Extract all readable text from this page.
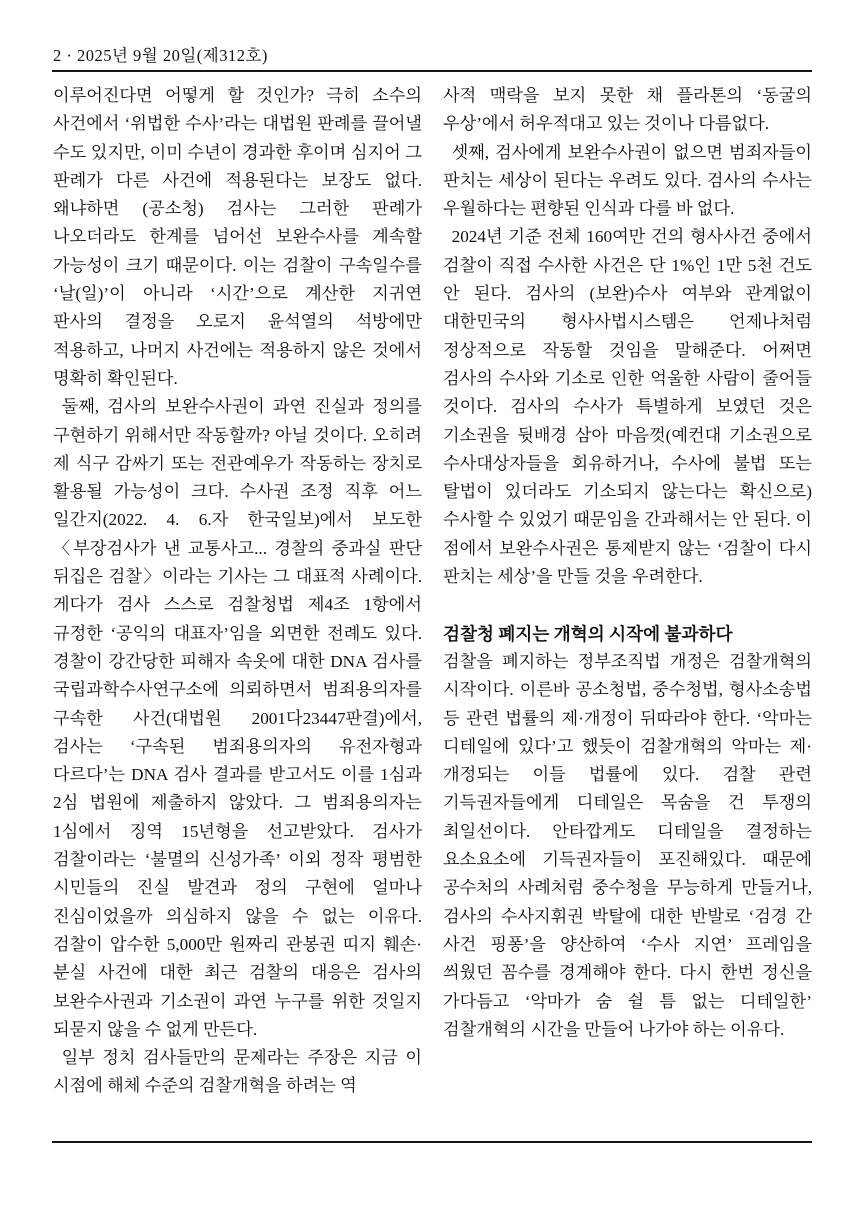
2 · 2025년 9월 20일(제312호)

이루어진다면 어떻게 할 것인가? 극히 소수의 사건에서 ‘위법한 수사’라는 대법원 판례를 끌어낼 수도 있지만, 이미 수년이 경과한 후이며 심지어 그 판례가 다른 사건에 적용된다는 보장도 없다. 왜냐하면 (공소청) 검사는 그러한 판례가 나오더라도 한계를 넘어선 보완수사를 계속할 가능성이 크기 때문이다. 이는 검찰이 구속일수를 ‘날(일)’이 아니라 ‘시간’으로 계산한 지귀연 판사의 결정을 오로지 윤석열의 석방에만 적용하고, 나머지 사건에는 적용하지 않은 것에서 명확히 확인된다.

둘째, 검사의 보완수사권이 과연 진실과 정의를 구현하기 위해서만 작동할까? 아닐 것이다. 오히려 제 식구 감싸기 또는 전관예우가 작동하는 장치로 활용될 가능성이 크다. 수사권 조정 직후 어느 일간지(2022. 4. 6.자 한국일보)에서 보도한 〈부장검사가 낸 교통사고... 경찰의 중과실 판단 뒤집은 검찰〉이라는 기사는 그 대표적 사례이다. 게다가 검사 스스로 검찰청법 제4조 1항에서 규정한 ‘공익의 대표자’임을 외면한 전례도 있다. 경찰이 강간당한 피해자 속옷에 대한 DNA 검사를 국립과학수사연구소에 의뢰하면서 범죄용의자를 구속한 사건(대법원 2001다23447판결)에서, 검사는 ‘구속된 범죄용의자의 유전자형과 다르다’는 DNA 검사 결과를 받고서도 이를 1심과 2심 법원에 제출하지 않았다. 그 범죄용의자는 1심에서 징역 15년형을 선고받았다. 검사가 검찰이라는 ‘불멸의 신성가족’ 이외 정작 평범한 시민들의 진실 발견과 정의 구현에 얼마나 진심이었을까 의심하지 않을 수 없는 이유다. 검찰이 압수한 5,000만 원짜리 관봉권 띠지 훼손·분실 사건에 대한 최근 검찰의 대응은 검사의 보완수사권과 기소권이 과연 누구를 위한 것일지 되묻지 않을 수 없게 만든다.

일부 정치 검사들만의 문제라는 주장은 지금 이 시점에 해체 수준의 검찰개혁을 하려는 역

사적 맥락을 보지 못한 채 플라톤의 ‘동굴의 우상’에서 허우적대고 있는 것이나 다름없다.

셋째, 검사에게 보완수사권이 없으면 범죄자들이 판치는 세상이 된다는 우려도 있다. 검사의 수사는 우월하다는 편향된 인식과 다를 바 없다.

2024년 기준 전체 160여만 건의 형사사건 중에서 검찰이 직접 수사한 사건은 단 1%인 1만 5천 건도 안 된다. 검사의 (보완)수사 여부와 관계없이 대한민국의 형사사법시스템은 언제나처럼 정상적으로 작동할 것임을 말해준다. 어쩌면 검사의 수사와 기소로 인한 억울한 사람이 줄어들 것이다. 검사의 수사가 특별하게 보였던 것은 기소권을 뒷배경 삼아 마음껏(예컨대 기소권으로 수사대상자들을 회유하거나, 수사에 불법 또는 탈법이 있더라도 기소되지 않는다는 확신으로) 수사할 수 있었기 때문임을 간과해서는 안 된다. 이 점에서 보완수사권은 통제받지 않는 ‘검찰이 다시 판치는 세상’을 만들 것을 우려한다.

검찰청 폐지는 개혁의 시작에 불과하다

검찰을 폐지하는 정부조직법 개정은 검찰개혁의 시작이다. 이른바 공소청법, 중수청법, 형사소송법 등 관련 법률의 제·개정이 뒤따라야 한다. ‘악마는 디테일에 있다’고 했듯이 검찰개혁의 악마는 제·개정되는 이들 법률에 있다. 검찰 관련 기득권자들에게 디테일은 목숨을 건 투쟁의 최일선이다. 안타깝게도 디테일을 결정하는 요소요소에 기득권자들이 포진해있다. 때문에 공수처의 사례처럼 중수청을 무능하게 만들거나, 검사의 수사지휘권 박탈에 대한 반발로 ‘검경 간 사건 핑퐁’을 양산하여 ‘수사 지연’ 프레임을 씌웠던 꼼수를 경계해야 한다. 다시 한번 정신을 가다듬고 ‘악마가 숨 쉴 틈 없는 디테일한’ 검찰개혁의 시간을 만들어 나가야 하는 이유다.
